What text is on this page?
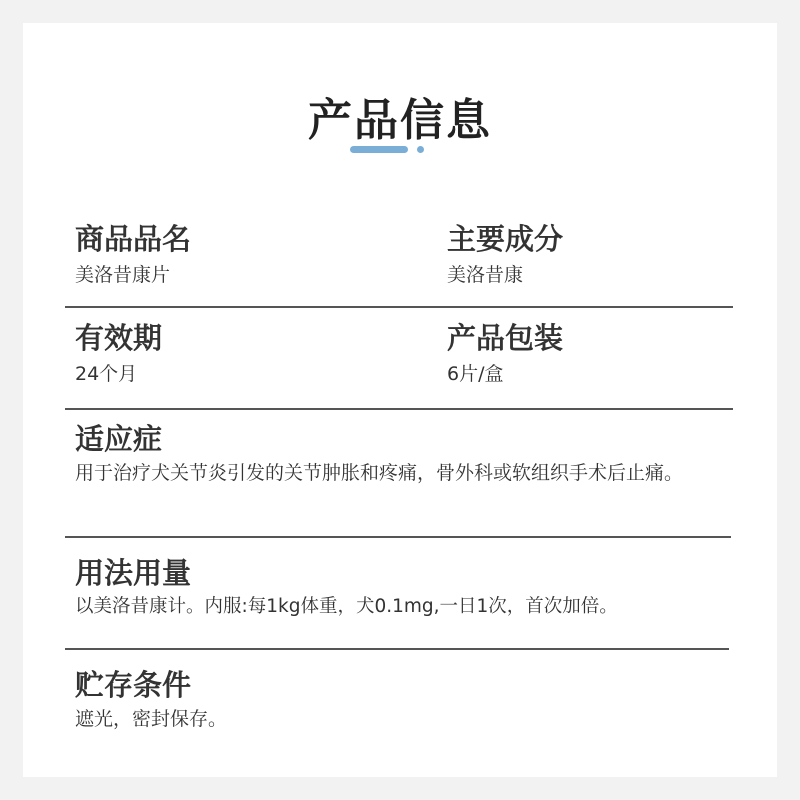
产品信息
商品品名
美洛昔康片
主要成分
美洛昔康
有效期
24个月
产品包装
6片/盒
适应症
用于治疗犬关节炎引发的关节肿胀和疼痛，骨外科或软组织手术后止痛。
用法用量
以美洛昔康计。内服:每1kg体重，犬0.1mg,一日1次，首次加倍。
贮存条件
遮光，密封保存。
